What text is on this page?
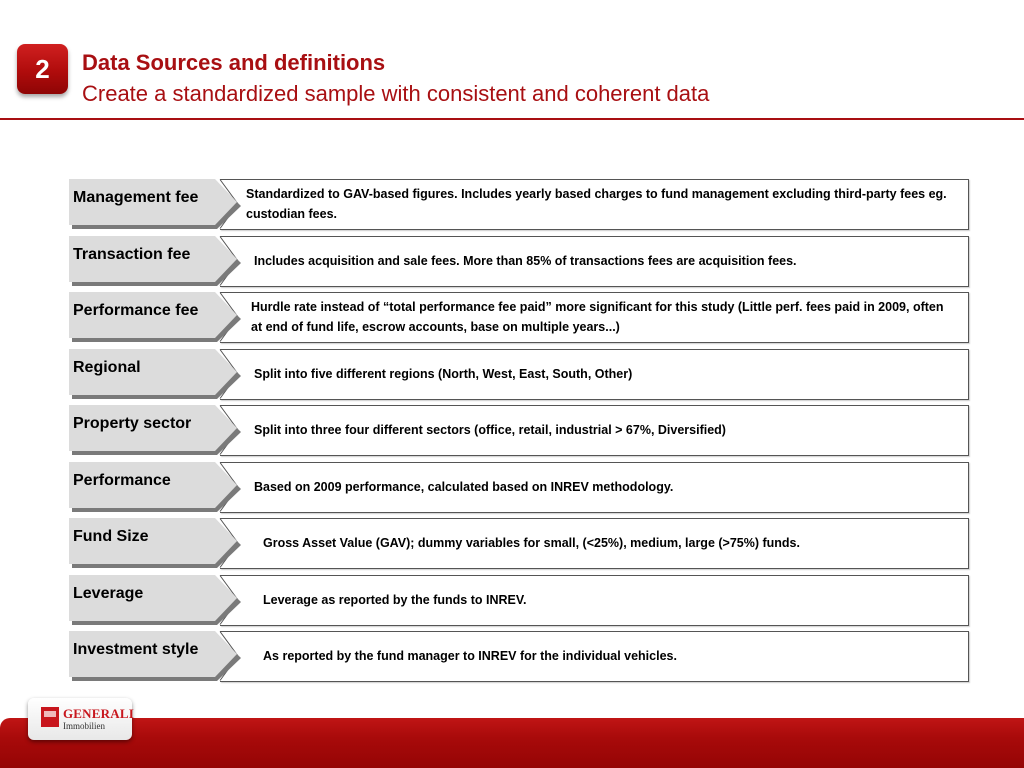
2 Data Sources and definitions
Create a standardized sample with consistent and coherent data
Management fee	Standardized to GAV-based figures. Includes yearly based charges to fund management excluding third-party fees eg. custodian fees.
Transaction fee	Includes acquisition and sale fees. More than 85% of transactions fees are acquisition fees.
Performance fee	Hurdle rate instead of “total performance fee paid” more significant for this study (Little perf. fees paid in 2009, often at end of fund life, escrow accounts, base on multiple years...)
Regional	Split into five different regions (North, West, East, South, Other)
Property sector	Split into three four different sectors (office, retail, industrial > 67%, Diversified)
Performance	Based on 2009 performance, calculated based on INREV methodology.
Fund Size	Gross Asset Value (GAV); dummy variables for small, (<25%), medium, large (>75%) funds.
Leverage	Leverage as reported by the funds to INREV.
Investment style	As reported by the fund manager to INREV for the individual vehicles.
GENERALI
Immobilien
